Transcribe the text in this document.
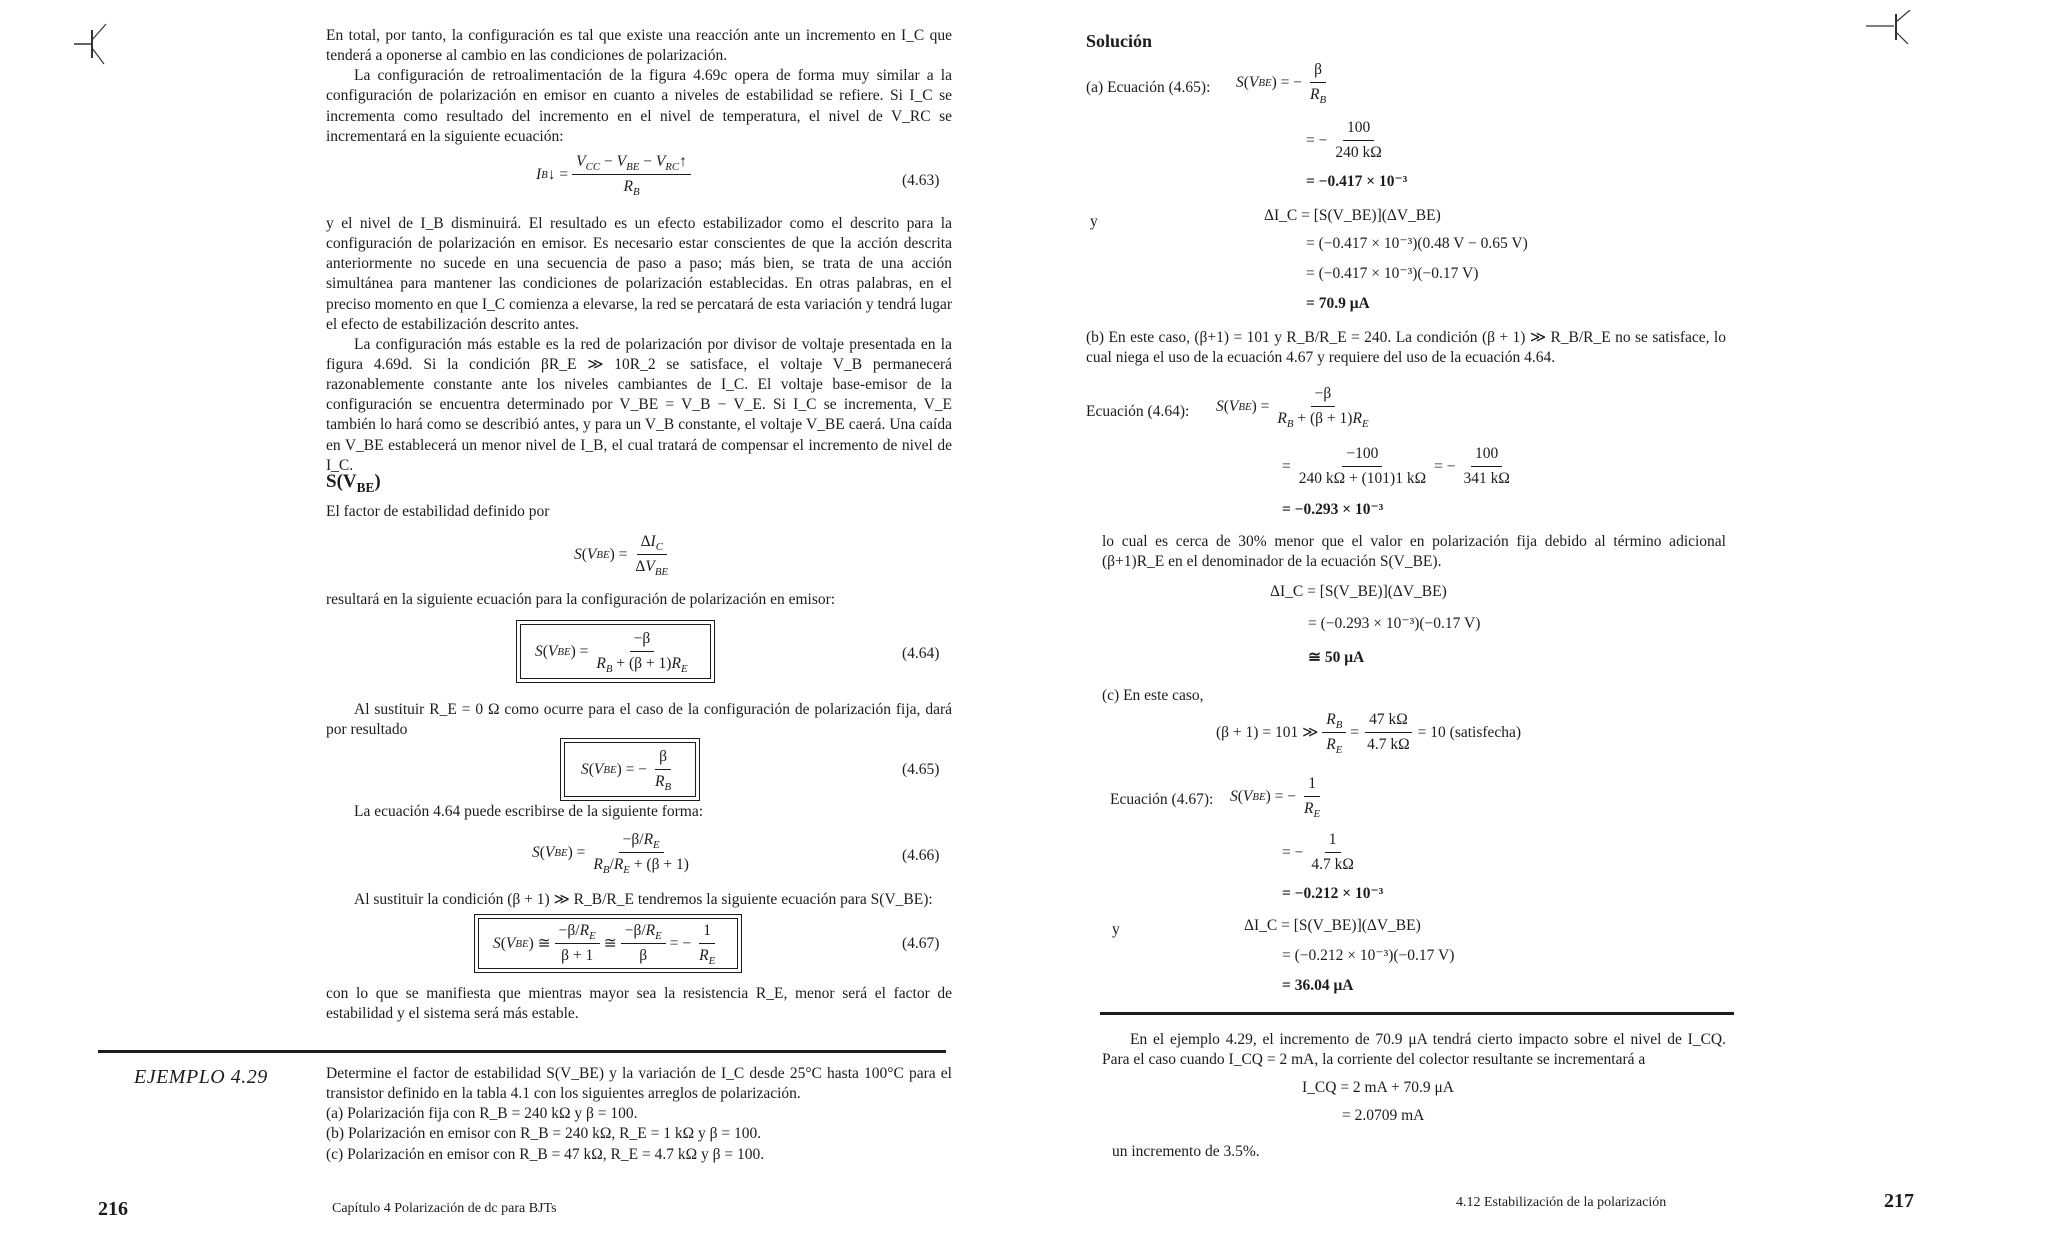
En total, por tanto, la configuración es tal que existe una reacción ante un incremento en I_C que tenderá a oponerse al cambio en las condiciones de polarización.

La configuración de retroalimentación de la figura 4.69c opera de forma muy similar a la configuración de polarización en emisor en cuanto a niveles de estabilidad se refiere. Si I_C se incrementa como resultado del incremento en el nivel de temperatura, el nivel de V_RC se incrementará en la siguiente ecuación:

I B ↓ =
$V_{CC} - V_{BE}$ − $V_{RC}↑$
$R_B$
(4.63)

y el nivel de I_B disminuirá. El resultado es un efecto estabilizador como el descrito para la configuración de polarización en emisor. Es necesario estar conscientes de que la acción descrita anteriormente no sucede en una secuencia de paso a paso; más bien, se trata de una acción simultánea para mantener las condiciones de polarización establecidas. En otras palabras, en el preciso momento en que I_C comienza a elevarse, la red se percatará de esta variación y tendrá lugar el efecto de estabilización descrito antes.

La configuración más estable es la red de polarización por divisor de voltaje presentada en la figura 4.69d. Si la condición βR_E ≫ 10R_2 se satisface, el voltaje V_B permanecerá razonablemente constante ante los niveles cambiantes de I_C. El voltaje base-emisor de la configuración se encuentra determinado por V_BE = V_B − V_E. Si I_C se incrementa, V_E también lo hará como se describió antes, y para un V_B constante, el voltaje V_BE caerá. Una caída en V_BE establecerá un menor nivel de I_B, el cual tratará de compensar el incremento de nivel de I_C.

$S(V_{BE})$

El factor de estabilidad definido por

S ( V BE ) =
$\Delta I_C$
$\Delta V_{BE}$

resultará en la siguiente ecuación para la configuración de polarización en emisor:

S ( V BE ) =
−β
$R_B + (\beta + 1)R_E$
(4.64)

Al sustituir R_E = 0 Ω como ocurre para el caso de la configuración de polarización fija, dará por resultado

S ( V BE ) = −
β
$R_B$
(4.65)

La ecuación 4.64 puede escribirse de la siguiente forma:

S ( V BE ) =
$-\beta/R_E$
$R_B/R_E + (\beta + 1)$
(4.66)

Al sustituir la condición (β + 1) ≫ R_B/R_E tendremos la siguiente ecuación para S(V_BE):

S ( V BE ) ≅
$-\beta/R_E$
β + 1
≅
$-\beta/R_E$
β
= −
1
$R_E$
(4.67)

con lo que se manifiesta que mientras mayor sea la resistencia R_E, menor será el factor de estabilidad y el sistema será más estable.

EJEMPLO 4.29	Determine el factor de estabilidad S(V_BE) y la variación de I_C desde 25°C hasta 100°C para el transistor definido en la tabla 4.1 con los siguientes arreglos de polarización.

(a) Polarización fija con R_B = 240 kΩ y β = 100.
(b) Polarización en emisor con R_B = 240 kΩ, R_E = 1 kΩ y β = 100.
(c) Polarización en emisor con R_B = 47 kΩ, R_E = 4.7 kΩ y β = 100.
216	Capítulo 4 Polarización de dc para BJTs
Solución
(a) Ecuación (4.65): S ( V BE ) = −
β
$R_B$
= −
100
240 kΩ
= −0.417 × 10⁻³
y	ΔI_C = [S(V_BE)](ΔV_BE)
= (−0.417 × 10⁻³)(0.48 V − 0.65 V)
= (−0.417 × 10⁻³)(−0.17 V)
= 70.9 μA

(b) En este caso, (β+1) = 101 y R_B/R_E = 240. La condición (β + 1) ≫ R_B/R_E no se satisface, lo cual niega el uso de la ecuación 4.67 y requiere del uso de la ecuación 4.64.

Ecuación (4.64): S ( V BE ) =
−β
$R_B + (\beta + 1)R_E$
=
−100
240 kΩ + (101)1 kΩ
= −
100
341 kΩ
= −0.293 × 10⁻³

lo cual es cerca de 30% menor que el valor en polarización fija debido al término adicional (β+1)R_E en el denominador de la ecuación S(V_BE).

ΔI_C = [S(V_BE)](ΔV_BE)
= (−0.293 × 10⁻³)(−0.17 V)
≅ 50 μA
(c) En este caso,
(β + 1) = 101 ≫
$R_B$
$R_E$
= $\frac{47 k\Omega}{4.7 k\Omega} = 10$ (satisfecha)
Ecuación (4.67): S ( V BE ) = −
1
$R_E$
= −
1
4.7 kΩ
= −0.212 × 10⁻³
y	ΔI_C = [S(V_BE)](ΔV_BE)
= (−0.212 × 10⁻³)(−0.17 V)
= 36.04 μA

En el ejemplo 4.29, el incremento de 70.9 μA tendrá cierto impacto sobre el nivel de I_CQ. Para el caso cuando I_CQ = 2 mA, la corriente del colector resultante se incrementará a

I_CQ = 2 mA + 70.9 μA
= 2.0709 mA
un incremento de 3.5%.
4.12 Estabilización de la polarización	217
